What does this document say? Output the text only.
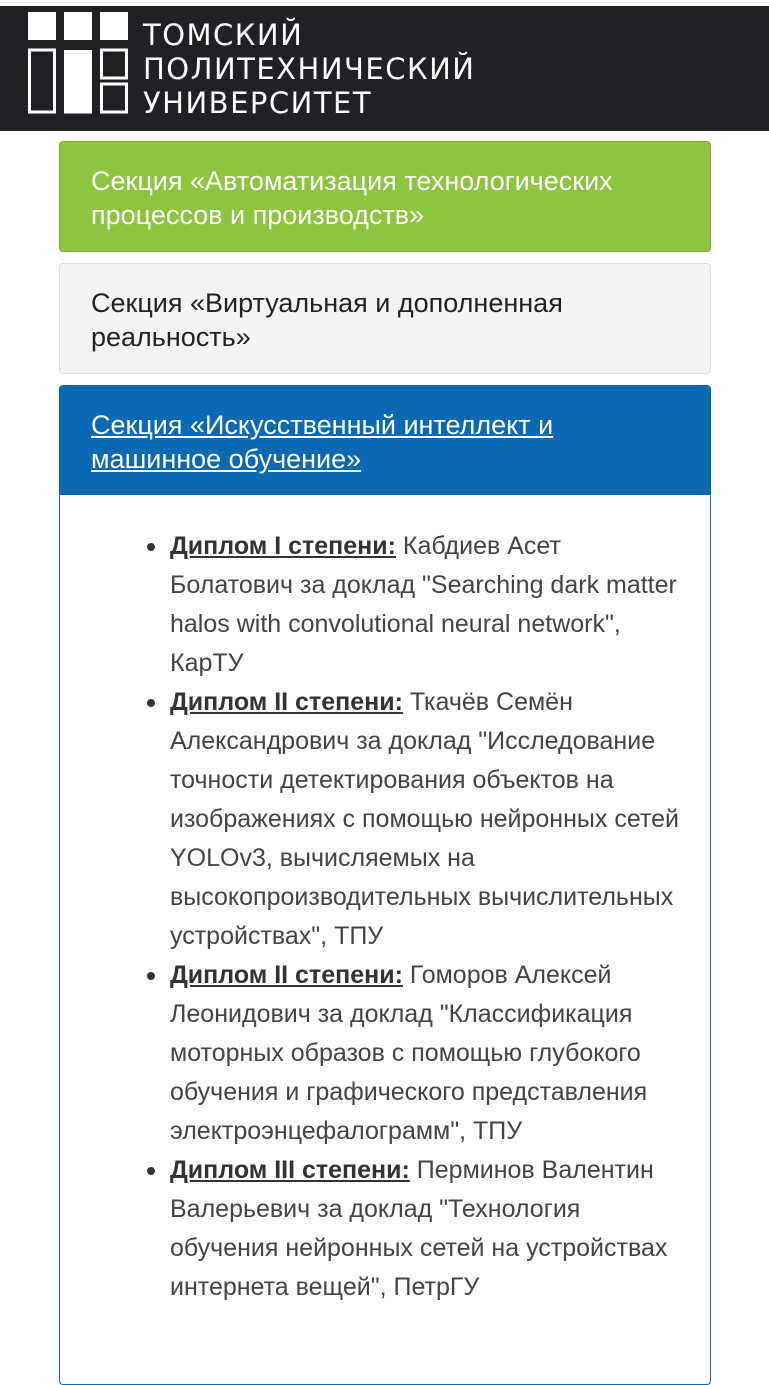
ТОМСКИЙ
ПОЛИТЕХНИЧЕСКИЙ
УНИВЕРСИТЕТ
Секция «Автоматизация технологических процессов и производств»
Секция «Виртуальная и дополненная реальность»
Секция «Искусственный интеллект и машинное обучение»
Диплом I степени: Кабдиев Асет Болатович за доклад "Searching dark matter halos with convolutional neural network", КарТУ
Диплом II степени: Ткачёв Семён Александрович за доклад "Исследование точности детектирования объектов на изображениях с помощью нейронных сетей YOLOv3, вычисляемых на высокопроизводительных вычислительных устройствах", ТПУ
Диплом II степени: Гоморов Алексей Леонидович за доклад "Классификация моторных образов с помощью глубокого обучения и графического представления электроэнцефалограмм", ТПУ
Диплом III степени: Перминов Валентин Валерьевич за доклад "Технология обучения нейронных сетей на устройствах интернета вещей", ПетрГУ
